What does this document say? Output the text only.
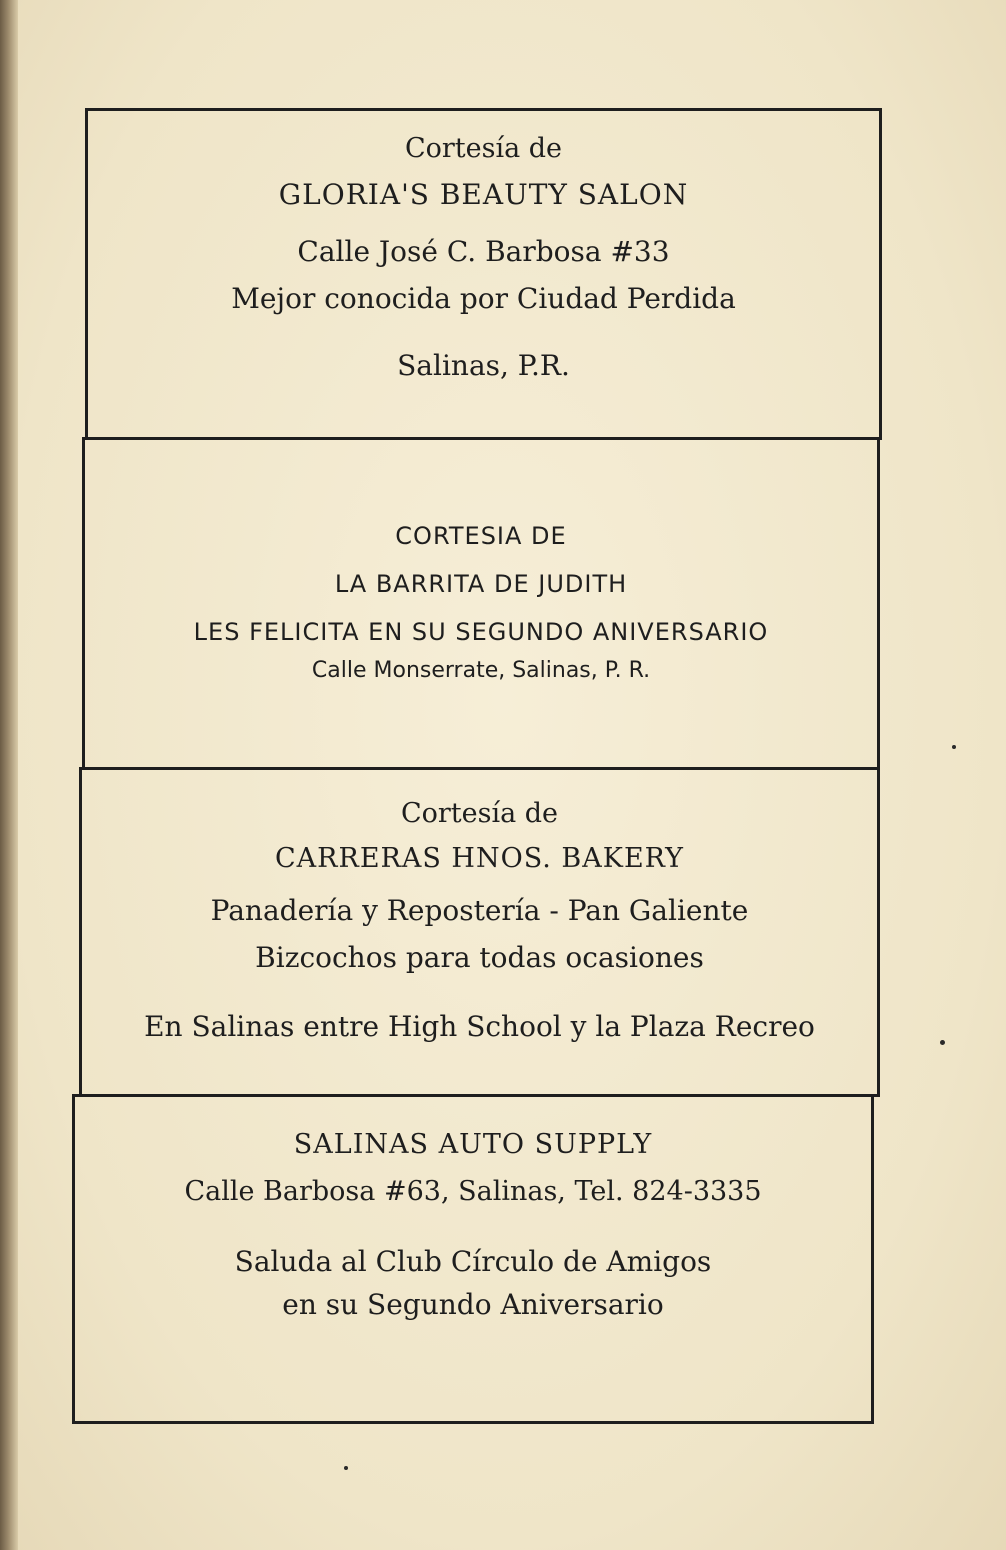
Cortesía de
GLORIA'S BEAUTY SALON
Calle José C. Barbosa #33
Mejor conocida por Ciudad Perdida
Salinas, P.R.
CORTESIA DE
LA BARRITA DE JUDITH
LES FELICITA EN SU SEGUNDO ANIVERSARIO
Calle Monserrate, Salinas, P. R.
Cortesía de
CARRERAS HNOS. BAKERY
Panadería y Repostería - Pan Galiente
Bizcochos para todas ocasiones
En Salinas entre High School y la Plaza Recreo
SALINAS AUTO SUPPLY
Calle Barbosa #63, Salinas, Tel. 824-3335
Saluda al Club Círculo de Amigos
en su Segundo Aniversario
